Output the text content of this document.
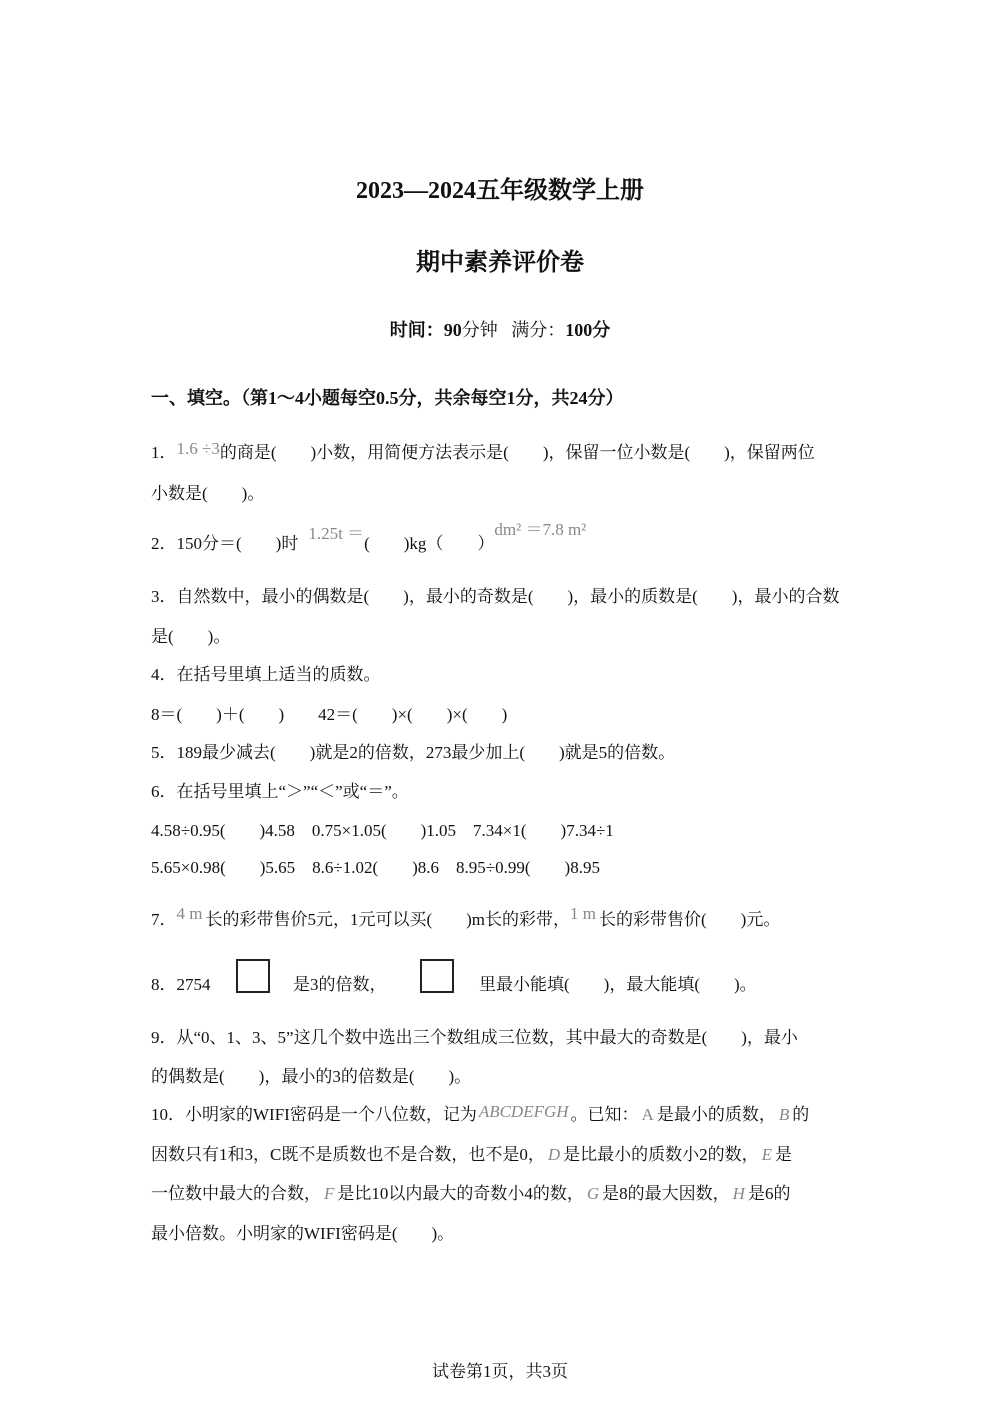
2023—2024五年级数学上册
期中素养评价卷
时间：90分钟 满分：100分
一、填空。（第1～4小题每空0.5分，共余每空1分，共24分）
1．1.6 ÷3的商是(　　)小数，用简便方法表示是(　　)，保留一位小数是(　　)，保留两位
小数是(　　)。
2．150分＝(　　)时1.25t ＝(　　)kg（　　）dm² ＝7.8 m²
3．自然数中，最小的偶数是(　　)，最小的奇数是(　　)，最小的质数是(　　)，最小的合数
是(　　)。
4．在括号里填上适当的质数。
8＝(　　)＋(　　)　　42＝(　　)×(　　)×(　　)
5．189最少减去(　　)就是2的倍数，273最少加上(　　)就是5的倍数。
6．在括号里填上“＞”“＜”或“＝”。
4.58÷0.95(　　)4.58　0.75×1.05(　　)1.05　7.34×1(　　)7.34÷1
5.65×0.98(　　)5.65　8.6÷1.02(　　)8.6　8.95÷0.99(　　)8.95
7．4 m 长的彩带售价5元，1元可以买(　　)m长的彩带，1 m 长的彩带售价(　　)元。
8．2754	是3的倍数，	里最小能填(　　)，最大能填(　　)。
9．从“0、1、3、5”这几个数中选出三个数组成三位数，其中最大的奇数是(　　)，最小
的偶数是(　　)，最小的3的倍数是(　　)。
10．小明家的WIFI密码是一个八位数，记为 ABCDEFGH 。已知： A 是最小的质数， B 的
因数只有1和3，C既不是质数也不是合数，也不是0， D 是比最小的质数小2的数， E 是
一位数中最大的合数， F 是比10以内最大的奇数小4的数， G 是8的最大因数， H 是6的
最小倍数。小明家的WIFI密码是(　　)。
试卷第1页，共3页
